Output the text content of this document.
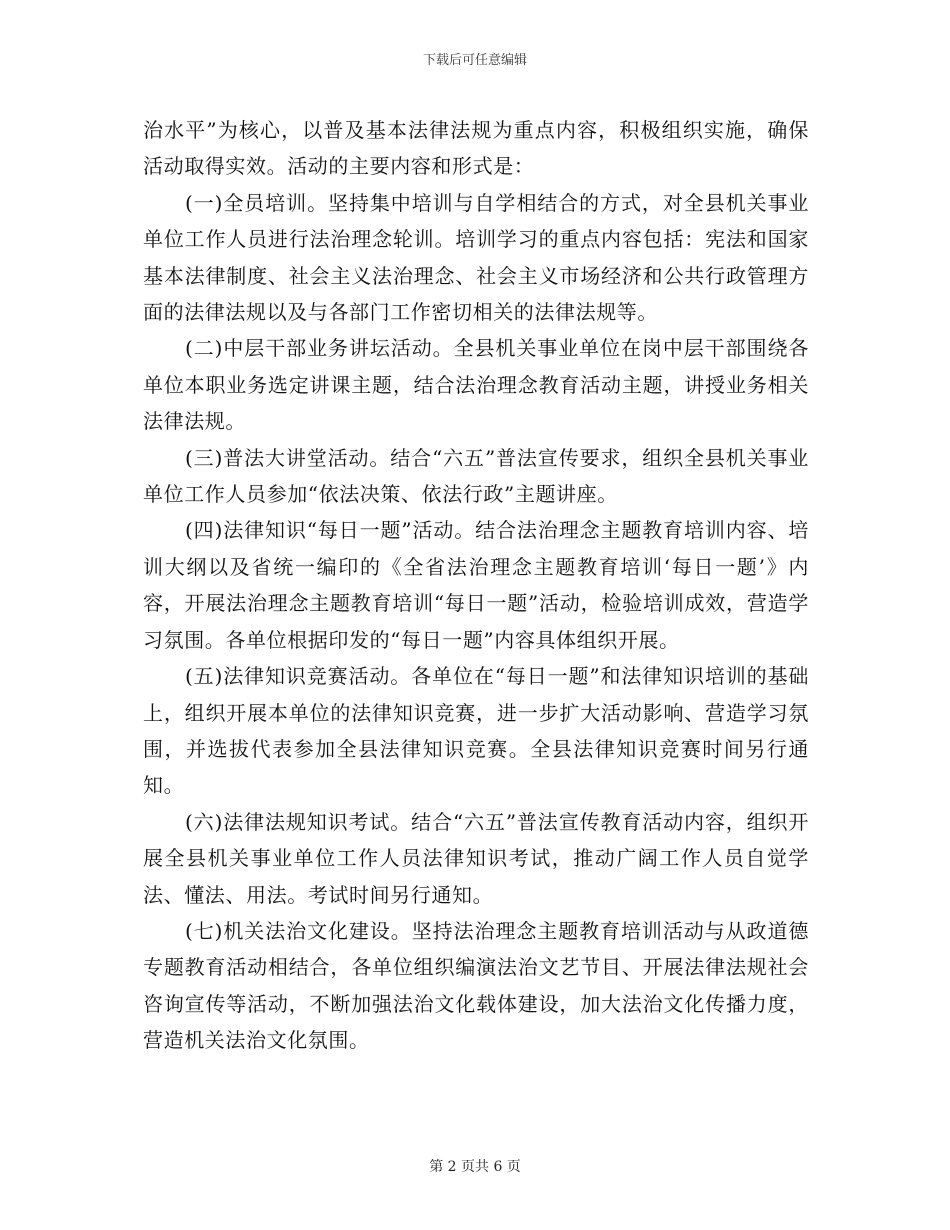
下载后可任意编辑

治水平”为核心，以普及基本法律法规为重点内容，积极组织实施，确保活动取得实效。活动的主要内容和形式是：

(一)全员培训。坚持集中培训与自学相结合的方式，对全县机关事业单位工作人员进行法治理念轮训。培训学习的重点内容包括：宪法和国家基本法律制度、社会主义法治理念、社会主义市场经济和公共行政管理方面的法律法规以及与各部门工作密切相关的法律法规等。

(二)中层干部业务讲坛活动。全县机关事业单位在岗中层干部围绕各单位本职业务选定讲课主题，结合法治理念教育活动主题，讲授业务相关法律法规。

(三)普法大讲堂活动。结合“六五”普法宣传要求，组织全县机关事业单位工作人员参加“依法决策、依法行政”主题讲座。

(四)法律知识“每日一题”活动。结合法治理念主题教育培训内容、培训大纲以及省统一编印的《全省法治理念主题教育培训‘每日一题’》内容，开展法治理念主题教育培训“每日一题”活动，检验培训成效，营造学习氛围。各单位根据印发的“每日一题”内容具体组织开展。

(五)法律知识竞赛活动。各单位在“每日一题”和法律知识培训的基础上，组织开展本单位的法律知识竞赛，进一步扩大活动影响、营造学习氛围，并选拔代表参加全县法律知识竞赛。全县法律知识竞赛时间另行通知。

(六)法律法规知识考试。结合“六五”普法宣传教育活动内容，组织开展全县机关事业单位工作人员法律知识考试，推动广阔工作人员自觉学法、懂法、用法。考试时间另行通知。

(七)机关法治文化建设。坚持法治理念主题教育培训活动与从政道德专题教育活动相结合，各单位组织编演法治文艺节目、开展法律法规社会咨询宣传等活动，不断加强法治文化载体建设，加大法治文化传播力度，营造机关法治文化氛围。

第 2 页共 6 页
